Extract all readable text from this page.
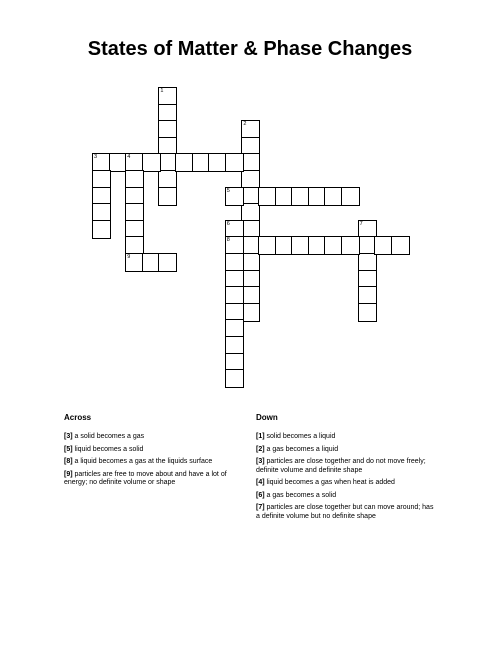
States of Matter & Phase Changes
1
2
3	4
9
5
6
8
7
Across	Down
[3] a solid becomes a gas
[5] liquid becomes a solid
[8] a liquid becomes a gas at the liquids surface
[9] particles are free to move about and have a lot of energy; no definite volume or shape
[1] solid becomes a liquid
[2] a gas becomes a liquid
[3] particles are close together and do not move freely; definite volume and definite shape
[4] liquid becomes a gas when heat is added
[6] a gas becomes a solid
[7] particles are close together but can move around; has a definite volume but no definite shape
